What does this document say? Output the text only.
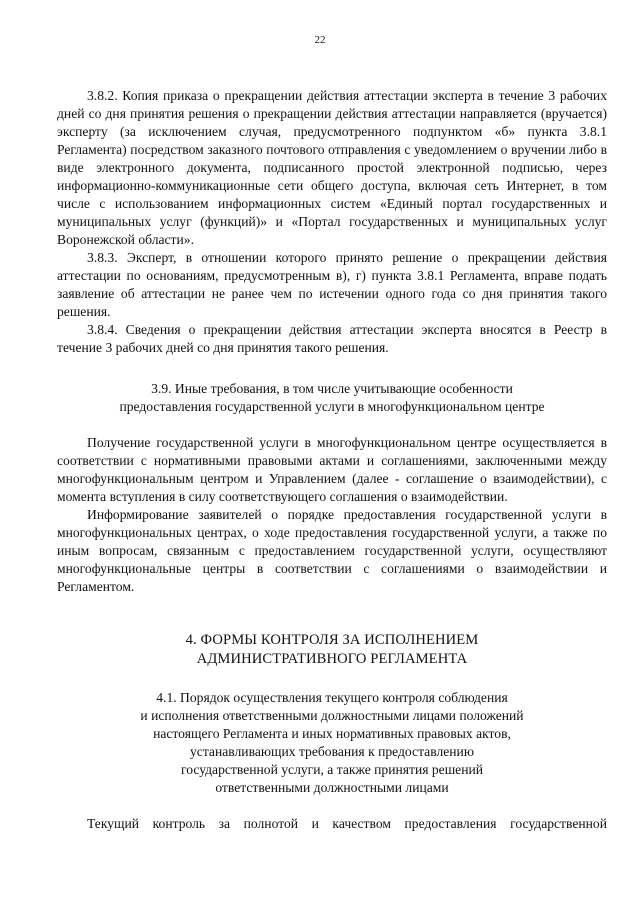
22

3.8.2. Копия приказа о прекращении действия аттестации эксперта в течение 3 рабочих дней со дня принятия решения о прекращении действия аттестации направляется (вручается) эксперту (за исключением случая, предусмотренного подпунктом «б» пункта 3.8.1 Регламента) посредством заказного почтового отправления с уведомлением о вручении либо в виде электронного документа, подписанного простой электронной подписью, через информационно-коммуникационные сети общего доступа, включая сеть Интернет, в том числе с использованием информационных систем «Единый портал государственных и муниципальных услуг (функций)» и «Портал государственных и муниципальных услуг Воронежской области».

3.8.3. Эксперт, в отношении которого принято решение о прекращении действия аттестации по основаниям, предусмотренным в), г) пункта 3.8.1 Регламента, вправе подать заявление об аттестации не ранее чем по истечении одного года со дня принятия такого решения.

3.8.4. Сведения о прекращении действия аттестации эксперта вносятся в Реестр в течение 3 рабочих дней со дня принятия такого решения.

3.9. Иные требования, в том числе учитывающие особенности

предоставления государственной услуги в многофункциональном центре

Получение государственной услуги в многофункциональном центре осуществляется в соответствии с нормативными правовыми актами и соглашениями, заключенными между многофункциональным центром и Управлением (далее - соглашение о взаимодействии), с момента вступления в силу соответствующего соглашения о взаимодействии.

Информирование заявителей о порядке предоставления государственной услуги в многофункциональных центрах, о ходе предоставления государственной услуги, а также по иным вопросам, связанным с предоставлением государственной услуги, осуществляют многофункциональные центры в соответствии с соглашениями о взаимодействии и Регламентом.

4. ФОРМЫ КОНТРОЛЯ ЗА ИСПОЛНЕНИЕМ

АДМИНИСТРАТИВНОГО РЕГЛАМЕНТА

4.1. Порядок осуществления текущего контроля соблюдения

и исполнения ответственными должностными лицами положений

настоящего Регламента и иных нормативных правовых актов,

устанавливающих требования к предоставлению

государственной услуги, а также принятия решений

ответственными должностными лицами

Текущий контроль за полнотой и качеством предоставления государственной
